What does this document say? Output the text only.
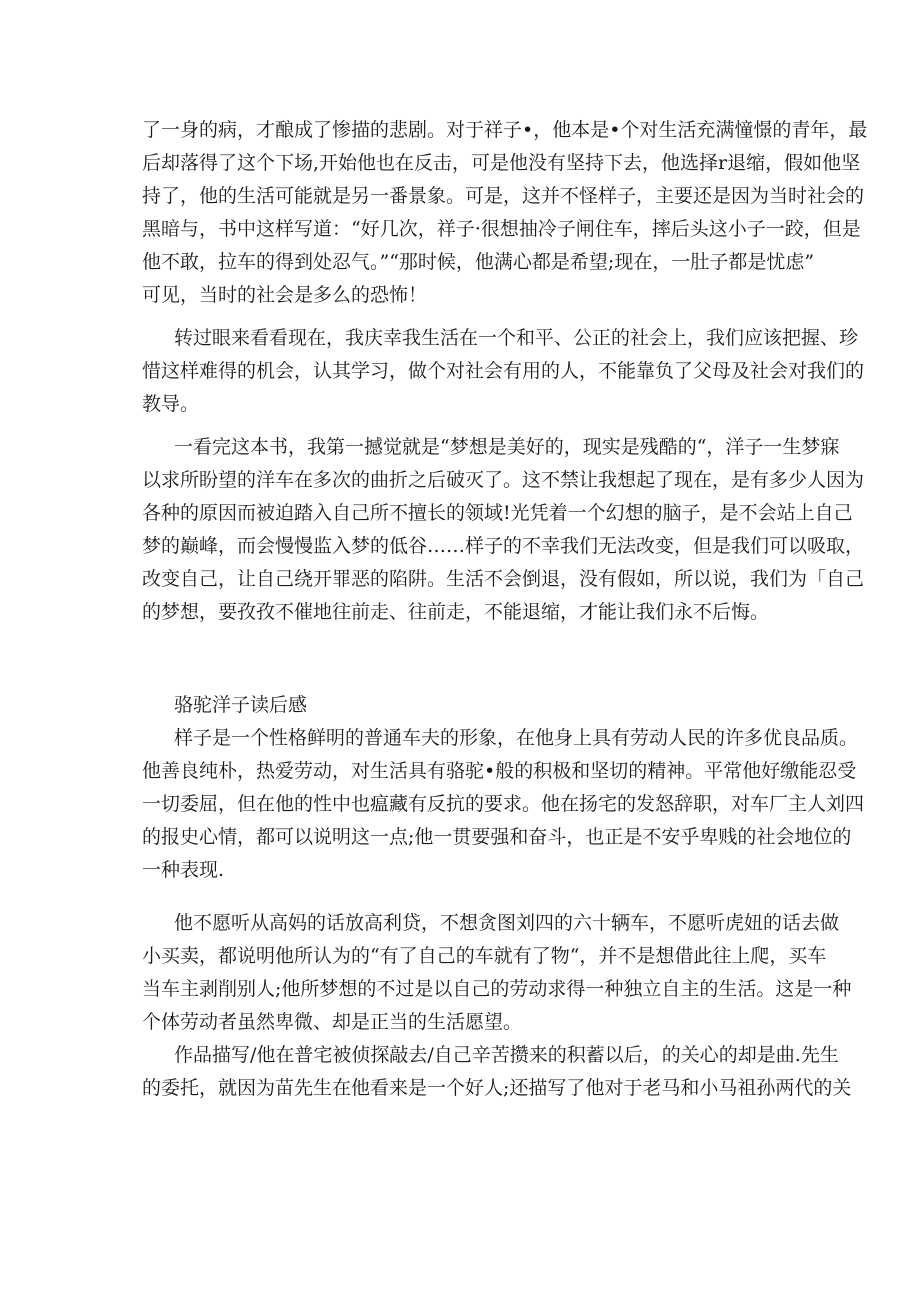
了一身的病，才酿成了惨描的悲剧。对于祥子•，他本是•个对生活充满憧憬的青年，最
后却落得了这个下场,开始他也在反击，可是他没有坚持下去，他选择r退缩，假如他坚
持了，他的生活可能就是另一番景象。可是，这并不怪样子，主要还是因为当时社会的
黑暗与，书中这样写道：“好几次，祥子·很想抽冷子闸住车，摔后头这小子一跤，但是
他不敢，拉车的得到处忍气。”“那时候，他满心都是希望;现在，一肚子都是忧虑”
可见，当时的社会是多么的恐怖！
转过眼来看看现在，我庆幸我生活在一个和平、公正的社会上，我们应该把握、珍
惜这样难得的机会，认其学习，做个对社会有用的人，不能靠负了父母及社会对我们的
教导。
一看完这本书，我第一撼觉就是“梦想是美好的，现实是残酷的“，洋子一生梦寐
以求所盼望的洋车在多次的曲折之后破灭了。这不禁让我想起了现在，是有多少人因为
各种的原因而被迫踏入自己所不擅长的领域!光凭着一个幻想的脑子，是不会站上自己
梦的巅峰，而会慢慢监入梦的低谷……样子的不幸我们无法改变，但是我们可以吸取，
改变自己，让自己绕开罪恶的陷阱。生活不会倒退，没有假如，所以说，我们为「自己
的梦想，要孜孜不催地往前走、往前走，不能退缩，才能让我们永不后悔。
骆驼洋子读后感
样子是一个性格鲜明的普通车夫的形象，在他身上具有劳动人民的许多优良品质。
他善良纯朴，热爱劳动，对生活具有骆驼•般的积极和坚切的精神。平常他好缴能忍受
一切委屈，但在他的性中也瘟藏有反抗的要求。他在扬宅的发怒辞职，对车厂主人刘四
的报史心情，都可以说明这一点;他一贯要强和奋斗，也正是不安乎卑贱的社会地位的
一种表现.
他不愿听从高妈的话放高利贷，不想贪图刘四的六十辆车，不愿听虎妞的话去做
小买卖，都说明他所认为的“有了自己的车就有了物“，并不是想借此往上爬，买车
当车主剥削别人;他所梦想的不过是以自己的劳动求得一种独立自主的生活。这是一种
个体劳动者虽然卑微、却是正当的生活愿望。
作品描写/他在普宅被侦探敲去/自己辛苦攒来的积蓄以后，的关心的却是曲.先生
的委托，就因为苗先生在他看来是一个好人;还描写了他对于老马和小马祖孙两代的关
